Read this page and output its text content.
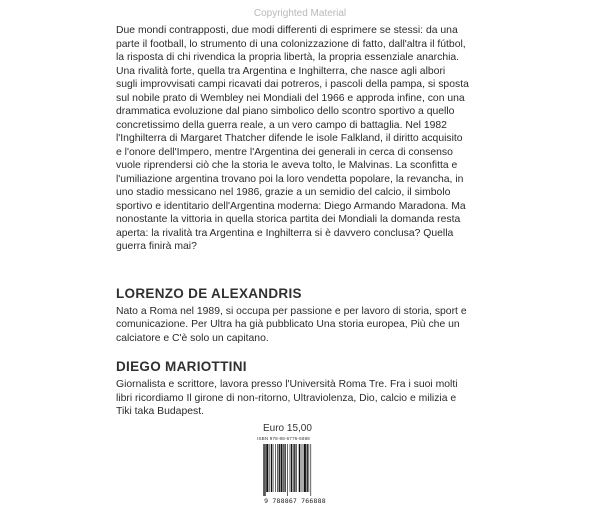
Copyrighted Material

Due mondi contrapposti, due modi differenti di esprimere se stessi: da una
parte il football, lo strumento di una colonizzazione di fatto, dall'altra il fútbol,
la risposta di chi rivendica la propria libertà, la propria essenziale anarchia.
Una rivalità forte, quella tra Argentina e Inghilterra, che nasce agli albori
sugli improvvisati campi ricavati dai potreros, i pascoli della pampa, si sposta
sul nobile prato di Wembley nei Mondiali del 1966 e approda infine, con una
drammatica evoluzione dal piano simbolico dello scontro sportivo a quello
concretissimo della guerra reale, a un vero campo di battaglia. Nel 1982
l'Inghilterra di Margaret Thatcher difende le isole Falkland, il diritto acquisito
e l'onore dell'Impero, mentre l'Argentina dei generali in cerca di consenso
vuole riprendersi ciò che la storia le aveva tolto, le Malvinas. La sconfitta e
l'umiliazione argentina trovano poi la loro vendetta popolare, la revancha, in
uno stadio messicano nel 1986, grazie a un semidio del calcio, il simbolo
sportivo e identitario dell'Argentina moderna: Diego Armando Maradona. Ma
nonostante la vittoria in quella storica partita dei Mondiali la domanda resta
aperta: la rivalità tra Argentina e Inghilterra si è davvero conclusa? Quella
guerra finirà mai?

LORENZO DE ALEXANDRIS

Nato a Roma nel 1989, si occupa per passione e per lavoro di storia, sport e
comunicazione. Per Ultra ha già pubblicato Una storia europea, Più che un
calciatore e C'è solo un capitano.

DIEGO MARIOTTINI

Giornalista e scrittore, lavora presso l'Università Roma Tre. Fra i suoi molti
libri ricordiamo Il girone di non-ritorno, Ultraviolenza, Dio, calcio e milizia e
Tiki taka Budapest.

Euro 15,00
ISBN 978-88-6776-6888
9 788867 766888
